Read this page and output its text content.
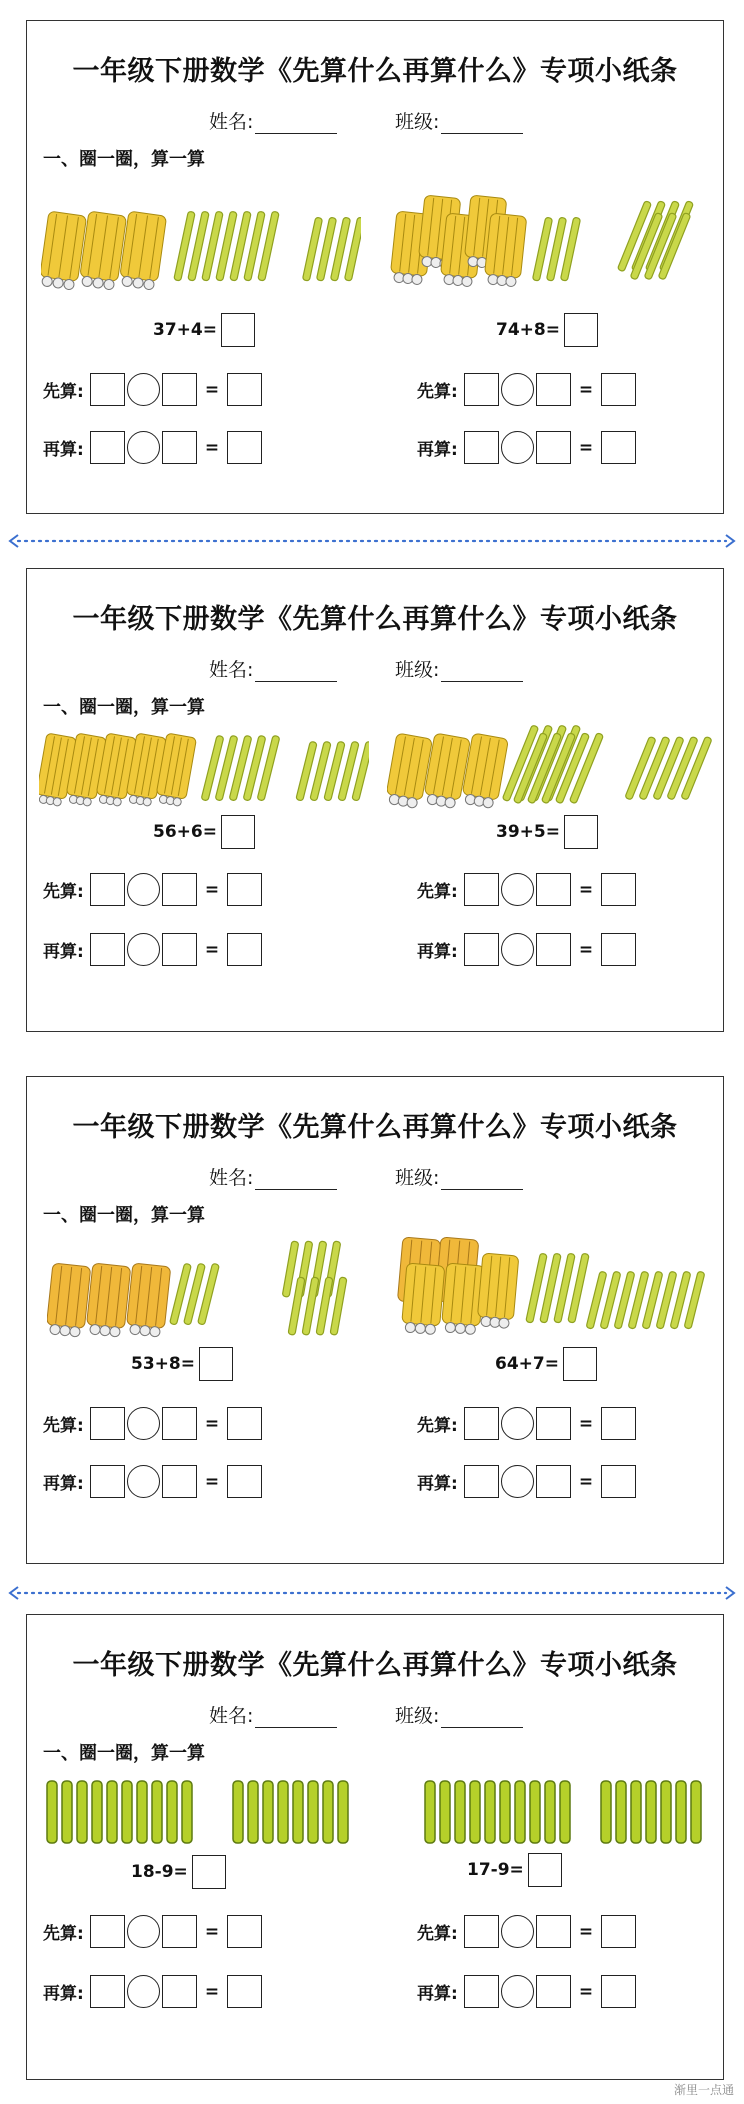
一年级下册数学《先算什么再算什么》专项小纸条
姓名:	班级:
一、圈一圈，算一算
37+4=	74+8=
先算:	=	先算:	=
再算:	=	再算:	=
一年级下册数学《先算什么再算什么》专项小纸条
姓名:	班级:
一、圈一圈，算一算
56+6=	39+5=
先算:	=	先算:	=
再算:	=	再算:	=
一年级下册数学《先算什么再算什么》专项小纸条
姓名:	班级:
一、圈一圈，算一算
53+8=	64+7=
先算:	=	先算:	=
再算:	=	再算:	=
一年级下册数学《先算什么再算什么》专项小纸条
姓名:	班级:
一、圈一圈，算一算
18-9=	17-9=
先算:	=	先算:	=
再算:	=	再算:	=
渐里一点通
